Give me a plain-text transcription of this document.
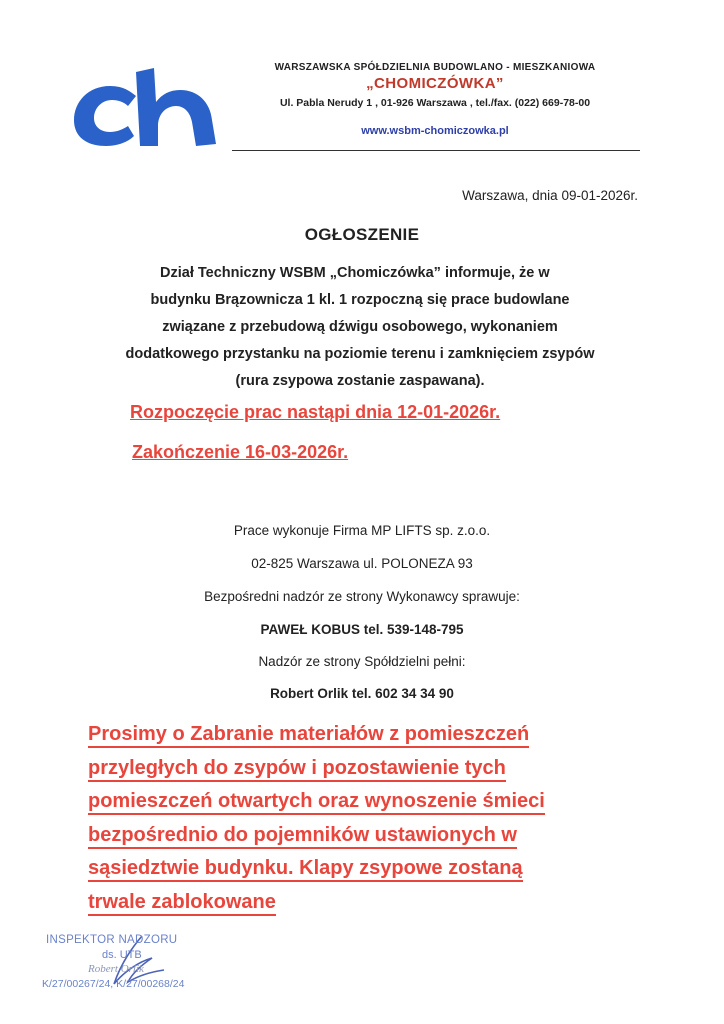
WARSZAWSKA SPÓŁDZIELNIA BUDOWLANO - MIESZKANIOWA
„CHOMICZÓWKA”
Ul. Pabla Nerudy 1 , 01-926 Warszawa , tel./fax. (022) 669-78-00
www.wsbm-chomiczowka.pl
Warszawa, dnia 09-01-2026r.
OGŁOSZENIE
Dział Techniczny WSBM „Chomiczówka” informuje, że w
budynku Brązownicza 1 kl. 1 rozpoczną się prace budowlane
związane z przebudową dźwigu osobowego, wykonaniem
dodatkowego przystanku na poziomie terenu i zamknięciem zsypów
(rura zsypowa zostanie zaspawana).
Rozpoczęcie prac nastąpi dnia 12-01-2026r.
Zakończenie 16-03-2026r.
Prace wykonuje Firma MP LIFTS sp. z.o.o.
02-825 Warszawa ul. POLONEZA 93
Bezpośredni nadzór ze strony Wykonawcy sprawuje:
PAWEŁ KOBUS tel. 539-148-795
Nadzór ze strony Spółdzielni pełni:
Robert Orlik tel. 602 34 34 90
Prosimy o Zabranie materiałów z pomieszczeń
przyległych do zsypów i pozostawienie tych
pomieszczeń otwartych oraz wynoszenie śmieci
bezpośrednio do pojemników ustawionych w
sąsiedztwie budynku. Klapy zsypowe zostaną
trwale zablokowane
INSPEKTOR NADZORU
ds. UTB
Robert Orlik
K/27/00267/24, K/27/00268/24
